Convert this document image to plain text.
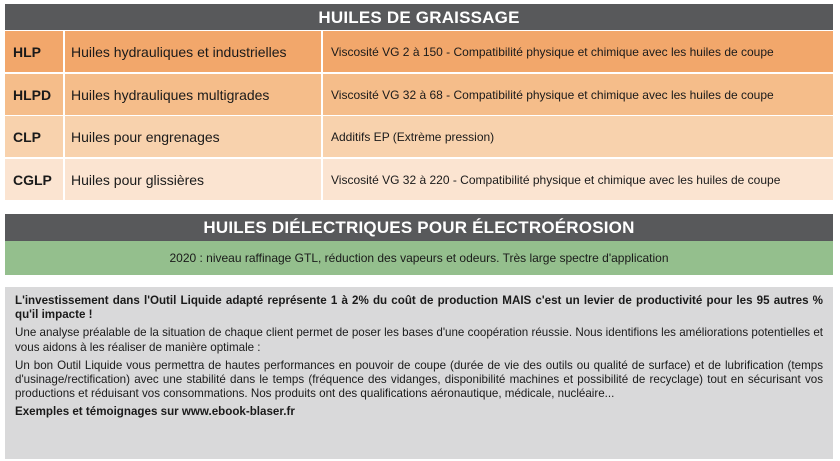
HUILES DE GRAISSAGE
HLP	Huiles hydrauliques et industrielles	Viscosité VG 2 à 150 - Compatibilité physique et chimique avec les huiles de coupe
HLPD	Huiles hydrauliques multigrades	Viscosité VG 32 à 68 - Compatibilité physique et chimique avec les huiles de coupe
CLP	Huiles pour engrenages	Additifs EP (Extrème pression)
CGLP	Huiles pour glissières	Viscosité VG 32 à 220 - Compatibilité physique et chimique avec les huiles de coupe
HUILES DIÉLECTRIQUES POUR ÉLECTROÉROSION
2020 : niveau raffinage GTL, réduction des vapeurs et odeurs. Très large spectre d'application

L'investissement dans l'Outil Liquide adapté représente 1 à 2% du coût de production MAIS c'est un levier de productivité pour les 95 autres % qu'il impacte !

Une analyse préalable de la situation de chaque client permet de poser les bases d'une coopération réussie. Nous identifions les améliorations potentielles et vous aidons à les réaliser de manière optimale :

Un bon Outil Liquide vous permettra de hautes performances en pouvoir de coupe (durée de vie des outils ou qualité de surface) et de lubrification (temps d'usinage/rectification) avec une stabilité dans le temps (fréquence des vidanges, disponibilité machines et possibilité de recyclage) tout en sécurisant vos productions et réduisant vos consommations. Nos produits ont des qualifications aéronautique, médicale, nucléaire...

Exemples et témoignages sur www.ebook-blaser.fr
